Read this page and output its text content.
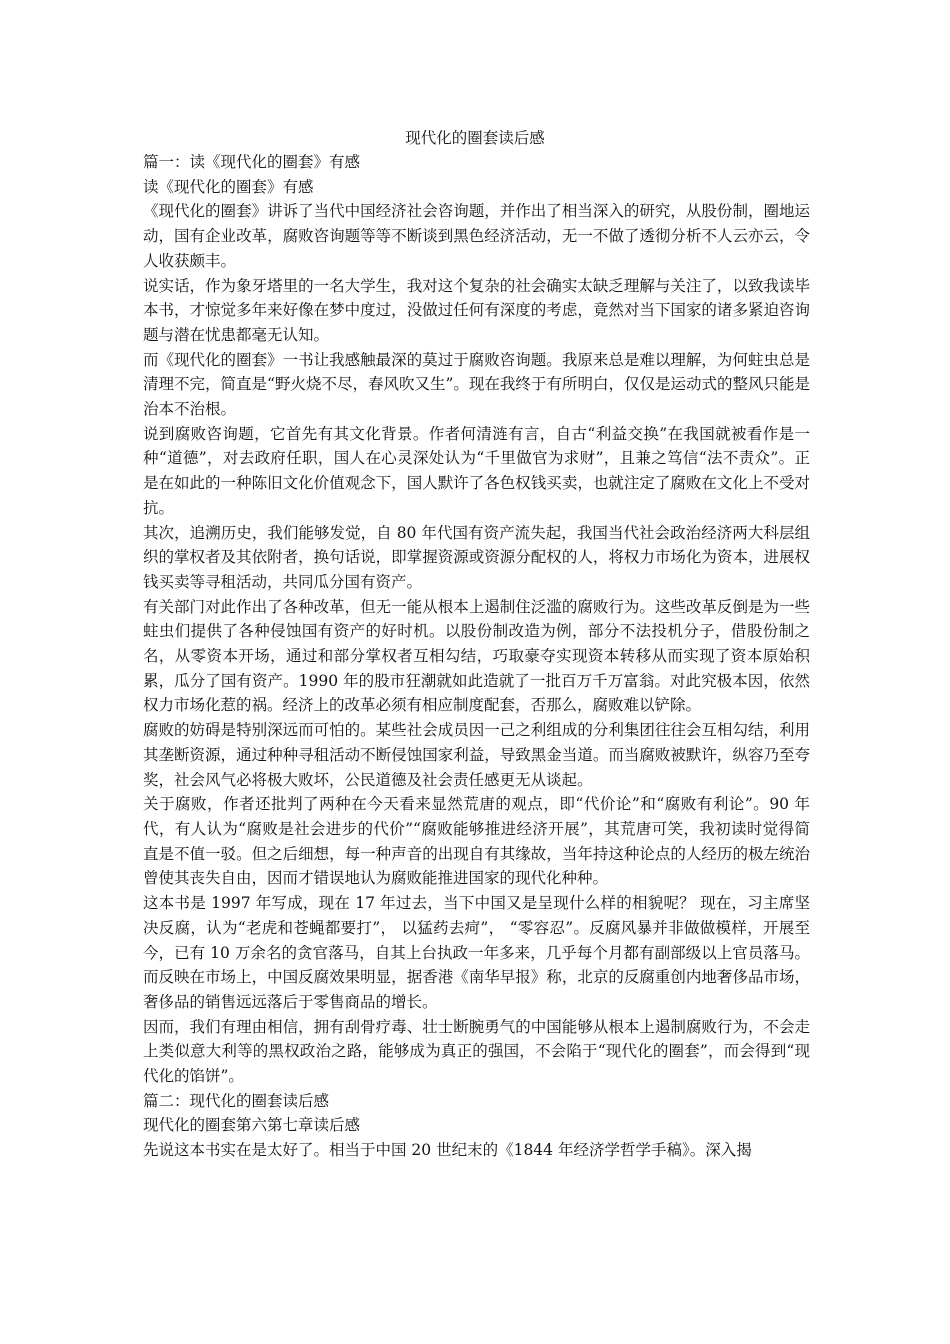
现代化的圈套读后感

篇一：读《现代化的圈套》有感

读《现代化的圈套》有感

《现代化的圈套》讲诉了当代中国经济社会咨询题，并作出了相当深入的研究，从股份制，圈地运动，国有企业改革，腐败咨询题等等不断谈到黑色经济活动，无一不做了透彻分析不人云亦云，令人收获颇丰。

说实话，作为象牙塔里的一名大学生，我对这个复杂的社会确实太缺乏理解与关注了，以致我读毕本书，才惊觉多年来好像在梦中度过，没做过任何有深度的考虑，竟然对当下国家的诸多紧迫咨询题与潜在忧患都毫无认知。

而《现代化的圈套》一书让我感触最深的莫过于腐败咨询题。我原来总是难以理解，为何蛀虫总是清理不完，简直是“野火烧不尽，春风吹又生”。现在我终于有所明白，仅仅是运动式的整风只能是治本不治根。

说到腐败咨询题，它首先有其文化背景。作者何清涟有言，自古“利益交换”在我国就被看作是一种“道德”，对去政府任职，国人在心灵深处认为“千里做官为求财”，且兼之笃信“法不责众”。正是在如此的一种陈旧文化价值观念下，国人默许了各色权钱买卖，也就注定了腐败在文化上不受对抗。

其次，追溯历史，我们能够发觉，自 80 年代国有资产流失起，我国当代社会政治经济两大科层组织的掌权者及其依附者，换句话说，即掌握资源或资源分配权的人，将权力市场化为资本，进展权钱买卖等寻租活动，共同瓜分国有资产。

有关部门对此作出了各种改革，但无一能从根本上遏制住泛滥的腐败行为。这些改革反倒是为一些蛀虫们提供了各种侵蚀国有资产的好时机。以股份制改造为例，部分不法投机分子，借股份制之名，从零资本开场，通过和部分掌权者互相勾结，巧取豪夺实现资本转移从而实现了资本原始积累，瓜分了国有资产。1990 年的股市狂潮就如此造就了一批百万千万富翁。对此究极本因，依然权力市场化惹的祸。经济上的改革必须有相应制度配套，否那么，腐败难以铲除。

腐败的妨碍是特别深远而可怕的。某些社会成员因一己之利组成的分利集团往往会互相勾结，利用其垄断资源，通过种种寻租活动不断侵蚀国家利益，导致黑金当道。而当腐败被默许，纵容乃至夸奖，社会风气必将极大败坏，公民道德及社会责任感更无从谈起。

关于腐败，作者还批判了两种在今天看来显然荒唐的观点，即“代价论”和“腐败有利论”。90 年代，有人认为“腐败是社会进步的代价”“腐败能够推进经济开展”，其荒唐可笑，我初读时觉得简直是不值一驳。但之后细想，每一种声音的出现自有其缘故，当年持这种论点的人经历的极左统治曾使其丧失自由，因而才错误地认为腐败能推进国家的现代化种种。

这本书是 1997 年写成，现在 17 年过去，当下中国又是呈现什么样的相貌呢？ 现在，习主席坚决反腐，认为“老虎和苍蝇都要打”， 以猛药去疴”， “零容忍”。反腐风暴并非做做模样，开展至今，已有 10 万余名的贪官落马，自其上台执政一年多来，几乎每个月都有副部级以上官员落马。而反映在市场上，中国反腐效果明显，据香港《南华早报》称，北京的反腐重创内地奢侈品市场，奢侈品的销售远远落后于零售商品的增长。

因而，我们有理由相信，拥有刮骨疗毒、壮士断腕勇气的中国能够从根本上遏制腐败行为，不会走上类似意大利等的黑权政治之路，能够成为真正的强国，不会陷于“现代化的圈套”，而会得到“现代化的馅饼”。

篇二：现代化的圈套读后感

现代化的圈套第六第七章读后感

先说这本书实在是太好了。相当于中国 20 世纪末的《1844 年经济学哲学手稿》。深入揭
